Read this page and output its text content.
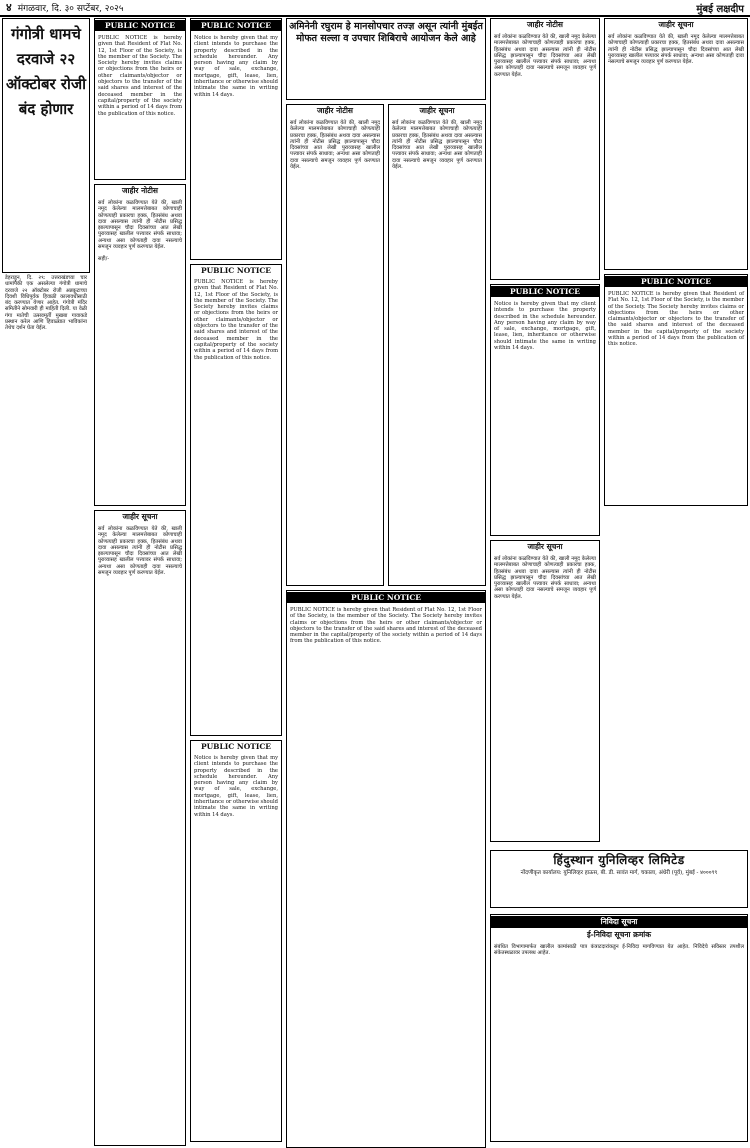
४ मंगळवार, दि. ३० सप्टेंबर, २०२५	मुंबई लक्षदीप
गंगोत्री धामचे दरवाजे २२ ऑक्टोबर रोजी बंद होणार

डेहराडून, दि. २९: उत्तराखंडच्या चार धामांपैकी एक असलेल्या गंगोत्री धामाचे दरवाजे २२ ऑक्टोबर रोजी अन्नकूटाच्या दिवशी विधिपूर्वक हिवाळी कालावधीसाठी बंद करण्यात येणार आहेत. गंगोत्री मंदिर समितीने सोमवारी ही माहिती दिली. या वेळी गंगा मातेची उत्सवमूर्ती मुखबा गावाकडे प्रस्थान करेल आणि हिवाळ्यात भाविकांना तेथेच दर्शन घेता येईल.

PUBLIC NOTICE
PUBLIC NOTICE is hereby given that Resident of Flat No. 12, 1st Floor of the Society, is the member of the Society. The Society hereby invites claims or objections from the heirs or other claimants/objector or objectors to the transfer of the said shares and interest of the deceased member in the capital/property of the society within a period of 14 days from the publication of this notice.
जाहीर नोटीस
सर्व लोकांना कळविण्यात येते की, खाली नमूद केलेल्या मालमत्तेबाबत कोणाचाही कोणत्याही प्रकारचा हक्क, हितसंबंध अथवा दावा असल्यास त्यांनी ही नोटीस प्रसिद्ध झाल्यापासून चौदा दिवसांच्या आत लेखी पुराव्यासह खालील पत्त्यावर संपर्क साधावा; अन्यथा असा कोणताही दावा नसल्याचे समजून व्यवहार पूर्ण करण्यात येईल.
सही/-
जाहीर सूचना
सर्व लोकांना कळविण्यात येते की, खाली नमूद केलेल्या मालमत्तेबाबत कोणाचाही कोणत्याही प्रकारचा हक्क, हितसंबंध अथवा दावा असल्यास त्यांनी ही नोटीस प्रसिद्ध झाल्यापासून चौदा दिवसांच्या आत लेखी पुराव्यासह खालील पत्त्यावर संपर्क साधावा; अन्यथा असा कोणताही दावा नसल्याचे समजून व्यवहार पूर्ण करण्यात येईल.
PUBLIC NOTICE
Notice is hereby given that my client intends to purchase the property described in the schedule hereunder. Any person having any claim by way of sale, exchange, mortgage, gift, lease, lien, inheritance or otherwise should intimate the same in writing within 14 days.
PUBLIC NOTICE
PUBLIC NOTICE is hereby given that Resident of Flat No. 12, 1st Floor of the Society, is the member of the Society. The Society hereby invites claims or objections from the heirs or other claimants/objector or objectors to the transfer of the said shares and interest of the deceased member in the capital/property of the society within a period of 14 days from the publication of this notice.
PUBLIC NOTICE
Notice is hereby given that my client intends to purchase the property described in the schedule hereunder. Any person having any claim by way of sale, exchange, mortgage, gift, lease, lien, inheritance or otherwise should intimate the same in writing within 14 days.
अमिनेनी रघुराम हे मानसोपचार तज्ज्ञ असून त्यांनी मुंबईत मोफत सल्ला व उपचार शिबिराचे आयोजन केले आहे
जाहीर नोटीस
सर्व लोकांना कळविण्यात येते की, खाली नमूद केलेल्या मालमत्तेबाबत कोणाचाही कोणत्याही प्रकारचा हक्क, हितसंबंध अथवा दावा असल्यास त्यांनी ही नोटीस प्रसिद्ध झाल्यापासून चौदा दिवसांच्या आत लेखी पुराव्यासह खालील पत्त्यावर संपर्क साधावा; अन्यथा असा कोणताही दावा नसल्याचे समजून व्यवहार पूर्ण करण्यात येईल.
जाहीर सूचना
सर्व लोकांना कळविण्यात येते की, खाली नमूद केलेल्या मालमत्तेबाबत कोणाचाही कोणत्याही प्रकारचा हक्क, हितसंबंध अथवा दावा असल्यास त्यांनी ही नोटीस प्रसिद्ध झाल्यापासून चौदा दिवसांच्या आत लेखी पुराव्यासह खालील पत्त्यावर संपर्क साधावा; अन्यथा असा कोणताही दावा नसल्याचे समजून व्यवहार पूर्ण करण्यात येईल.
PUBLIC NOTICE
PUBLIC NOTICE is hereby given that Resident of Flat No. 12, 1st Floor of the Society, is the member of the Society. The Society hereby invites claims or objections from the heirs or other claimants/objector or objectors to the transfer of the said shares and interest of the deceased member in the capital/property of the society within a period of 14 days from the publication of this notice.
जाहीर नोटीस
सर्व लोकांना कळविण्यात येते की, खाली नमूद केलेल्या मालमत्तेबाबत कोणाचाही कोणत्याही प्रकारचा हक्क, हितसंबंध अथवा दावा असल्यास त्यांनी ही नोटीस प्रसिद्ध झाल्यापासून चौदा दिवसांच्या आत लेखी पुराव्यासह खालील पत्त्यावर संपर्क साधावा; अन्यथा असा कोणताही दावा नसल्याचे समजून व्यवहार पूर्ण करण्यात येईल.
PUBLIC NOTICE
Notice is hereby given that my client intends to purchase the property described in the schedule hereunder. Any person having any claim by way of sale, exchange, mortgage, gift, lease, lien, inheritance or otherwise should intimate the same in writing within 14 days.
जाहीर सूचना
सर्व लोकांना कळविण्यात येते की, खाली नमूद केलेल्या मालमत्तेबाबत कोणाचाही कोणत्याही प्रकारचा हक्क, हितसंबंध अथवा दावा असल्यास त्यांनी ही नोटीस प्रसिद्ध झाल्यापासून चौदा दिवसांच्या आत लेखी पुराव्यासह खालील पत्त्यावर संपर्क साधावा; अन्यथा असा कोणताही दावा नसल्याचे समजून व्यवहार पूर्ण करण्यात येईल.
जाहीर सूचना
सर्व लोकांना कळविण्यात येते की, खाली नमूद केलेल्या मालमत्तेबाबत कोणाचाही कोणत्याही प्रकारचा हक्क, हितसंबंध अथवा दावा असल्यास त्यांनी ही नोटीस प्रसिद्ध झाल्यापासून चौदा दिवसांच्या आत लेखी पुराव्यासह खालील पत्त्यावर संपर्क साधावा; अन्यथा असा कोणताही दावा नसल्याचे समजून व्यवहार पूर्ण करण्यात येईल.
PUBLIC NOTICE
PUBLIC NOTICE is hereby given that Resident of Flat No. 12, 1st Floor of the Society, is the member of the Society. The Society hereby invites claims or objections from the heirs or other claimants/objector or objectors to the transfer of the said shares and interest of the deceased member in the capital/property of the society within a period of 14 days from the publication of this notice.
हिंदुस्थान युनिलिव्हर लिमिटेड
नोंदणीकृत कार्यालय: युनिलिव्हर हाऊस, बी. डी. सावंत मार्ग, चकाला, अंधेरी (पूर्व), मुंबई - ४०००९९
निविदा सूचना
ई-निविदा सूचना क्रमांक
संबंधित विभागामार्फत खालील कामांसाठी पात्र कंत्राटदारांकडून ई-निविदा मागविण्यात येत आहेत. निविदेचे सविस्तर तपशील संकेतस्थळावर उपलब्ध आहेत.
